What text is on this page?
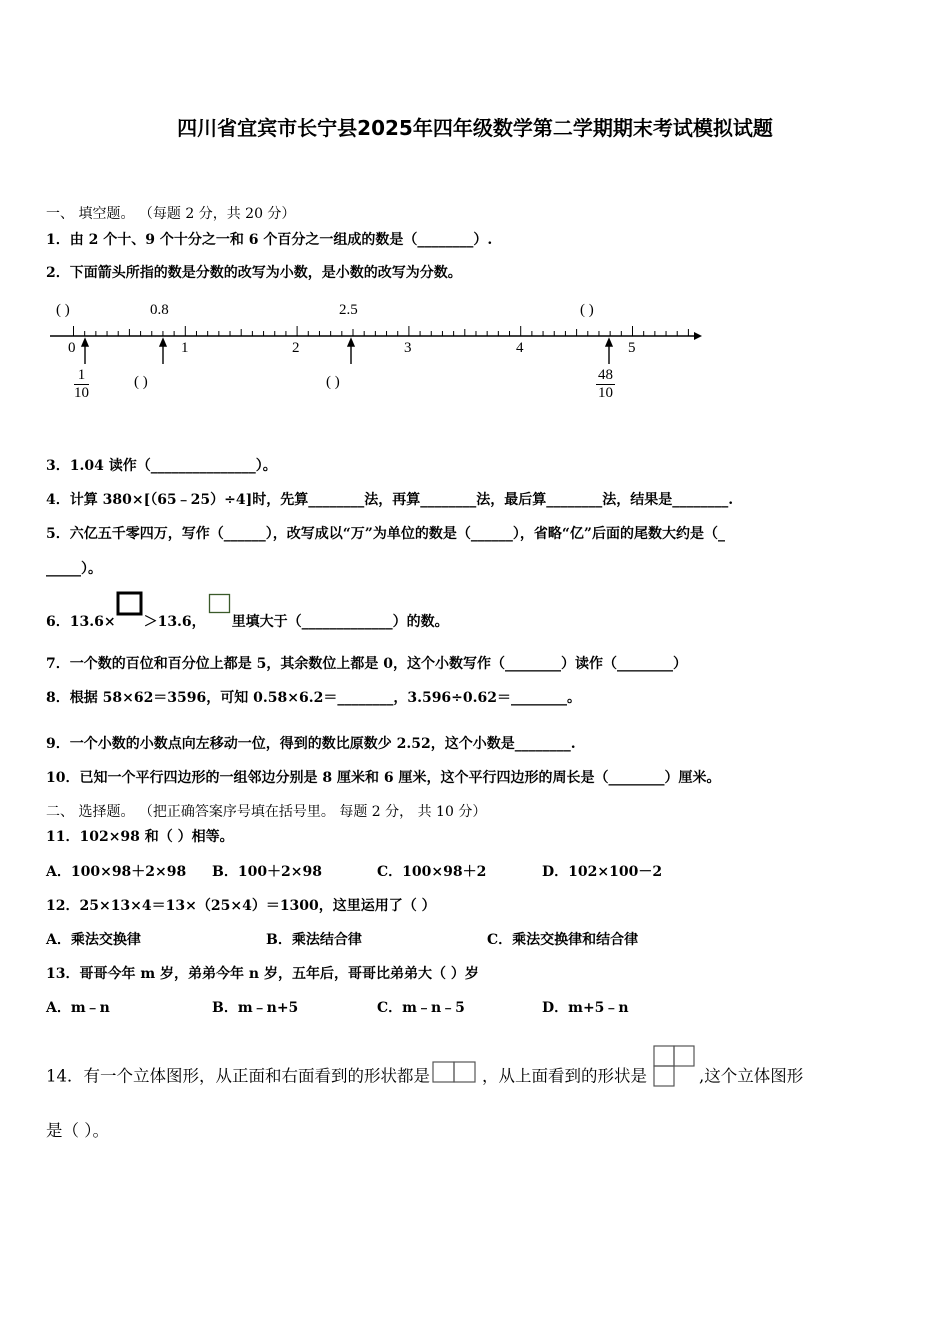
四川省宜宾市长宁县2025年四年级数学第二学期期末考试模拟试题
一、 填空题。 （每题 2 分，共 20 分）
1．由 2 个十、9 个十分之一和 6 个百分之一组成的数是（________）.
2．下面箭头所指的数是分数的改写为小数，是小数的改写为分数。
( )	0.8	2.5	( )
0	1	2	3	4	5
( )	( )
$\frac{1}{10}$	$\frac{48}{10}$
3．1.04 读作（_______________）。
4．计算 380×[（65﹣25）÷4]时，先算________法，再算________法，最后算________法，结果是________.
5．六亿五千零四万，写作（______），改写成以“万”为单位的数是（______），省略“亿”后面的尾数大约是（_
_____）。
6．13.6× ＞13.6， 里填大于（_____________）的数。
7．一个数的百位和百分位上都是 5，其余数位上都是 0，这个小数写作（________）读作（________）
8．根据 58×62＝3596，可知 0.58×6.2＝________，3.596÷0.62＝________。
9．一个小数的小数点向左移动一位，得到的数比原数少 2.52，这个小数是________.
10．已知一个平行四边形的一组邻边分别是 8 厘米和 6 厘米，这个平行四边形的周长是（________）厘米。
二、 选择题。 （把正确答案序号填在括号里。 每题 2 分， 共 10 分）
11．102×98 和（ ）相等。
A．100×98＋2×98 B．100＋2×98	C．100×98＋2	D．102×100－2
12．25×13×4＝13×（25×4）＝1300，这里运用了（ ）
A．乘法交换律	B．乘法结合律	C．乘法交换律和结合律
13．哥哥今年 m 岁，弟弟今年 n 岁，五年后，哥哥比弟弟大（ ）岁
A．m﹣n	B．m﹣n+5	C．m﹣n﹣5	D．m+5﹣n
14．有一个立体图形，从正面和右面看到的形状都是	，从上面看到的形状是	,这个立体图形
是（ ）。
